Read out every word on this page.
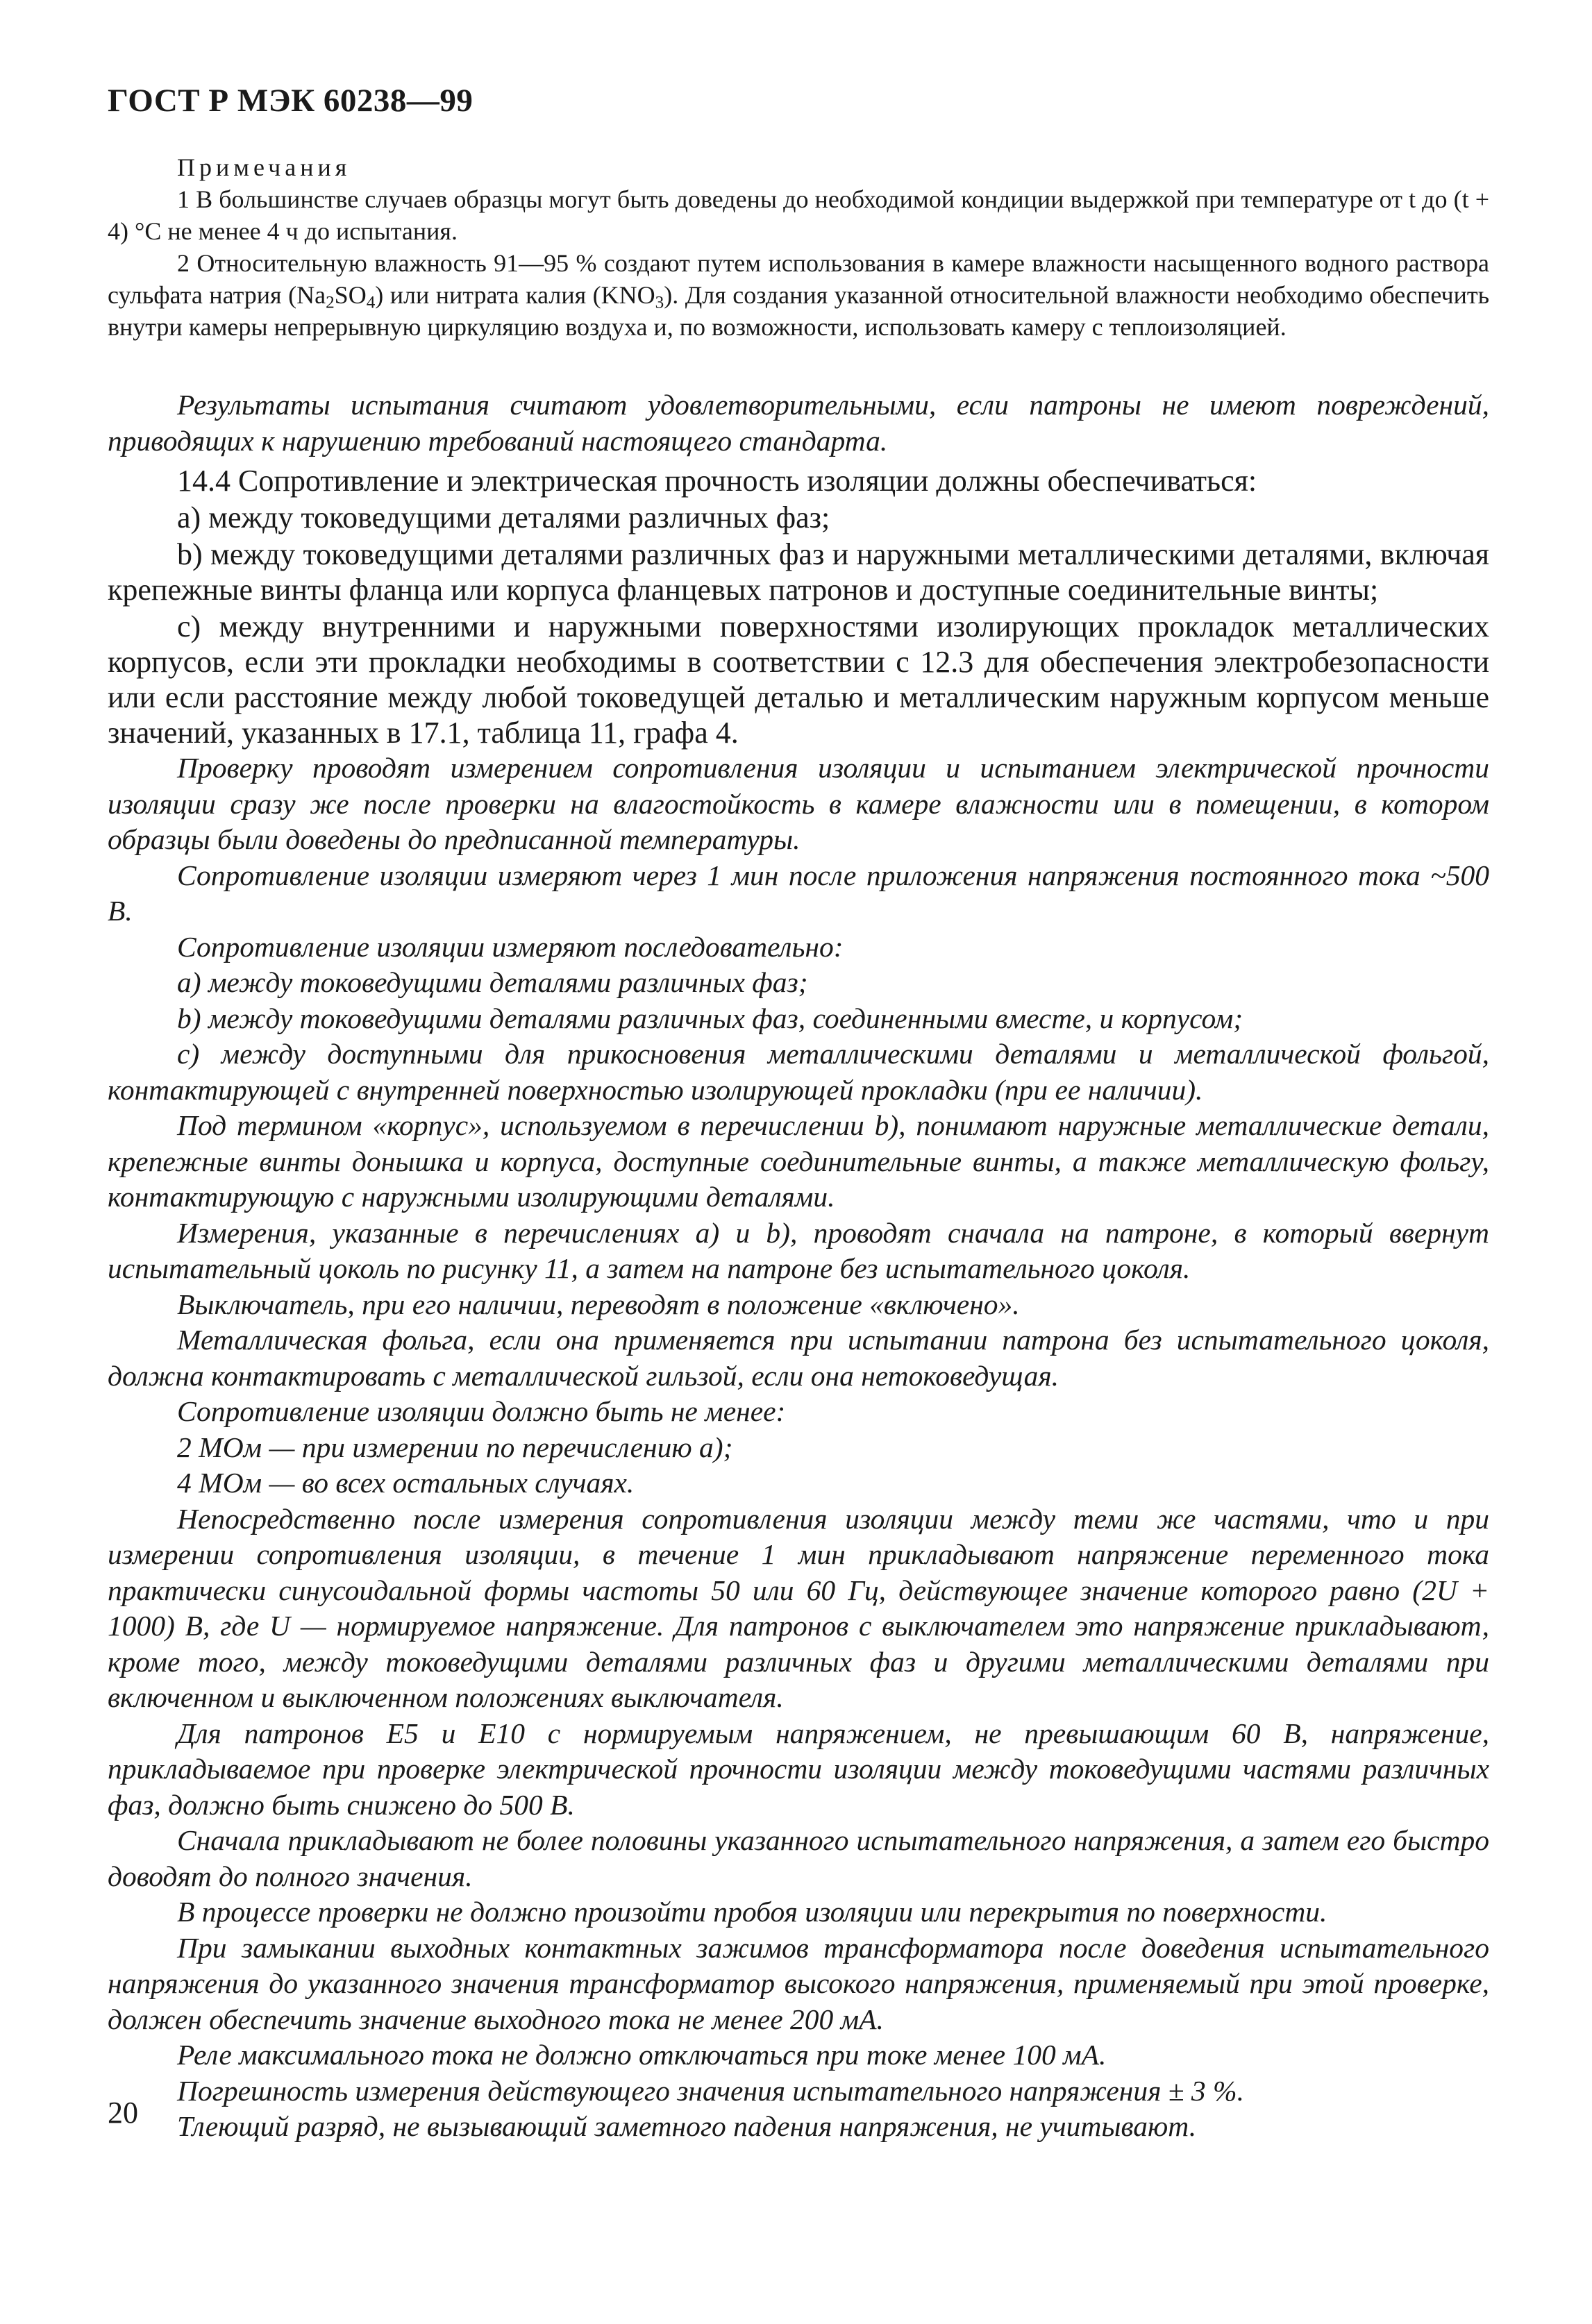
ГОСТ Р МЭК 60238—99

Примечания

1 В большинстве случаев образцы могут быть доведены до необходимой кондиции выдержкой при температуре от t до (t + 4) °С не менее 4 ч до испытания.

2 Относительную влажность 91—95 % создают путем использования в камере влажности насыщенного водного раствора сульфата натрия $(Na_2SO_4)$ или нитрата калия $(KNO_3)$. Для создания указанной относительной влажности необходимо обеспечить внутри камеры непрерывную циркуляцию воздуха и, по возможности, использовать камеру с теплоизоляцией.

Результаты испытания считают удовлетворительными, если патроны не имеют повреждений, приводящих к нарушению требований настоящего стандарта.

14.4 Сопротивление и электрическая прочность изоляции должны обеспечиваться:

а) между токоведущими деталями различных фаз;

b) между токоведущими деталями различных фаз и наружными металлическими деталями, включая крепежные винты фланца или корпуса фланцевых патронов и доступные соединительные винты;

с) между внутренними и наружными поверхностями изолирующих прокладок металлических корпусов, если эти прокладки необходимы в соответствии с 12.3 для обеспечения электробезопасности или если расстояние между любой токоведущей деталью и металлическим наружным корпусом меньше значений, указанных в 17.1, таблица 11, графа 4.

Проверку проводят измерением сопротивления изоляции и испытанием электрической прочности изоляции сразу же после проверки на влагостойкость в камере влажности или в помещении, в котором образцы были доведены до предписанной температуры.

Сопротивление изоляции измеряют через 1 мин после приложения напряжения постоянного тока ~500 В.

Сопротивление изоляции измеряют последовательно:

а) между токоведущими деталями различных фаз;

b) между токоведущими деталями различных фаз, соединенными вместе, и корпусом;

с) между доступными для прикосновения металлическими деталями и металлической фольгой, контактирующей с внутренней поверхностью изолирующей прокладки (при ее наличии).

Под термином «корпус», используемом в перечислении b), понимают наружные металлические детали, крепежные винты донышка и корпуса, доступные соединительные винты, а также металлическую фольгу, контактирующую с наружными изолирующими деталями.

Измерения, указанные в перечислениях а) и b), проводят сначала на патроне, в который ввернут испытательный цоколь по рисунку 11, а затем на патроне без испытательного цоколя.

Выключатель, при его наличии, переводят в положение «включено».

Металлическая фольга, если она применяется при испытании патрона без испытательного цоколя, должна контактировать с металлической гильзой, если она нетоковедущая.

Сопротивление изоляции должно быть не менее:

2 МОм — при измерении по перечислению а);

4 МОм — во всех остальных случаях.

Непосредственно после измерения сопротивления изоляции между теми же частями, что и при измерении сопротивления изоляции, в течение 1 мин прикладывают напряжение переменного тока практически синусоидальной формы частоты 50 или 60 Гц, действующее значение которого равно (2U + 1000) В, где U — нормируемое напряжение. Для патронов с выключателем это напряжение прикладывают, кроме того, между токоведущими деталями различных фаз и другими металлическими деталями при включенном и выключенном положениях выключателя.

Для патронов Е5 и Е10 с нормируемым напряжением, не превышающим 60 В, напряжение, прикладываемое при проверке электрической прочности изоляции между токоведущими частями различных фаз, должно быть снижено до 500 В.

Сначала прикладывают не более половины указанного испытательного напряжения, а затем его быстро доводят до полного значения.

В процессе проверки не должно произойти пробоя изоляции или перекрытия по поверхности.

При замыкании выходных контактных зажимов трансформатора после доведения испытательного напряжения до указанного значения трансформатор высокого напряжения, применяемый при этой проверке, должен обеспечить значение выходного тока не менее 200 мА.

Реле максимального тока не должно отключаться при токе менее 100 мА.

Погрешность измерения действующего значения испытательного напряжения ± 3 %.

Тлеющий разряд, не вызывающий заметного падения напряжения, не учитывают.

20
